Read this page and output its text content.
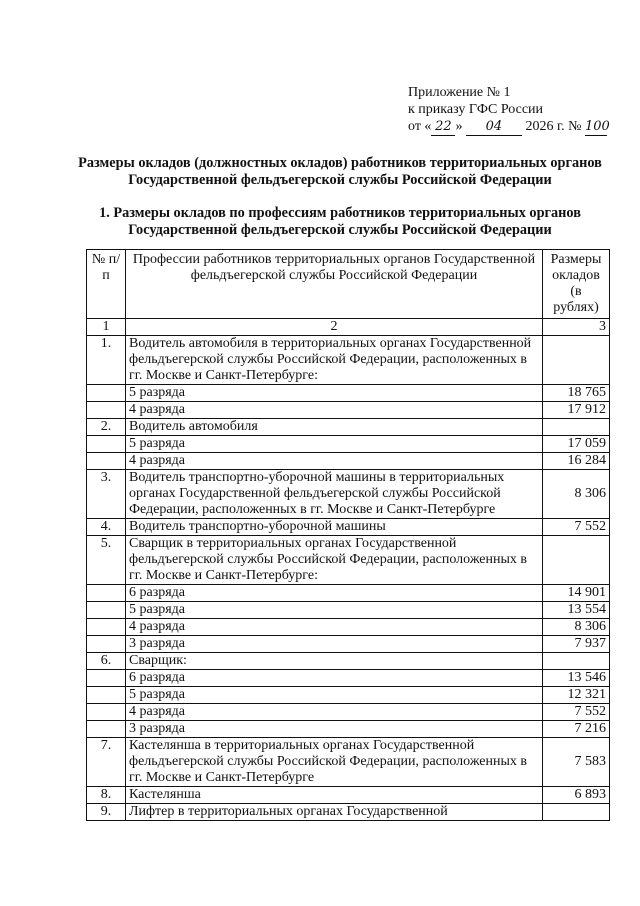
Приложение № 1
к приказу ГФС России
от « 22 » 04 2026 г. № 100
Размеры окладов (должностных окладов) работников территориальных органов Государственной фельдъегерской службы Российской Федерации
1. Размеры окладов по профессиям работников территориальных органов Государственной фельдъегерской службы Российской Федерации
№ п/п	Профессии работников территориальных органов Государственной фельдъегерской службы Российской Федерации	Размеры окладов (в рублях)
1	2	3
1.	Водитель автомобиля в территориальных органах Государственной фельдъегерской службы Российской Федерации, расположенных в гг. Москве и Санкт-Петербурге:	
	5 разряда	18 765
	4 разряда	17 912
2.	Водитель автомобиля	
	5 разряда	17 059
	4 разряда	16 284
3.	Водитель транспортно-уборочной машины в территориальных органах Государственной фельдъегерской службы Российской Федерации, расположенных в гг. Москве и Санкт-Петербурге	8 306
4.	Водитель транспортно-уборочной машины	7 552
5.	Сварщик в территориальных органах Государственной фельдъегерской службы Российской Федерации, расположенных в гг. Москве и Санкт-Петербурге:	
	6 разряда	14 901
	5 разряда	13 554
	4 разряда	8 306
	3 разряда	7 937
6.	Сварщик:	
	6 разряда	13 546
	5 разряда	12 321
	4 разряда	7 552
	3 разряда	7 216
7.	Кастелянша в территориальных органах Государственной фельдъегерской службы Российской Федерации, расположенных в гг. Москве и Санкт-Петербурге	7 583
8.	Кастелянша	6 893
9.	Лифтер в территориальных органах Государственной	
